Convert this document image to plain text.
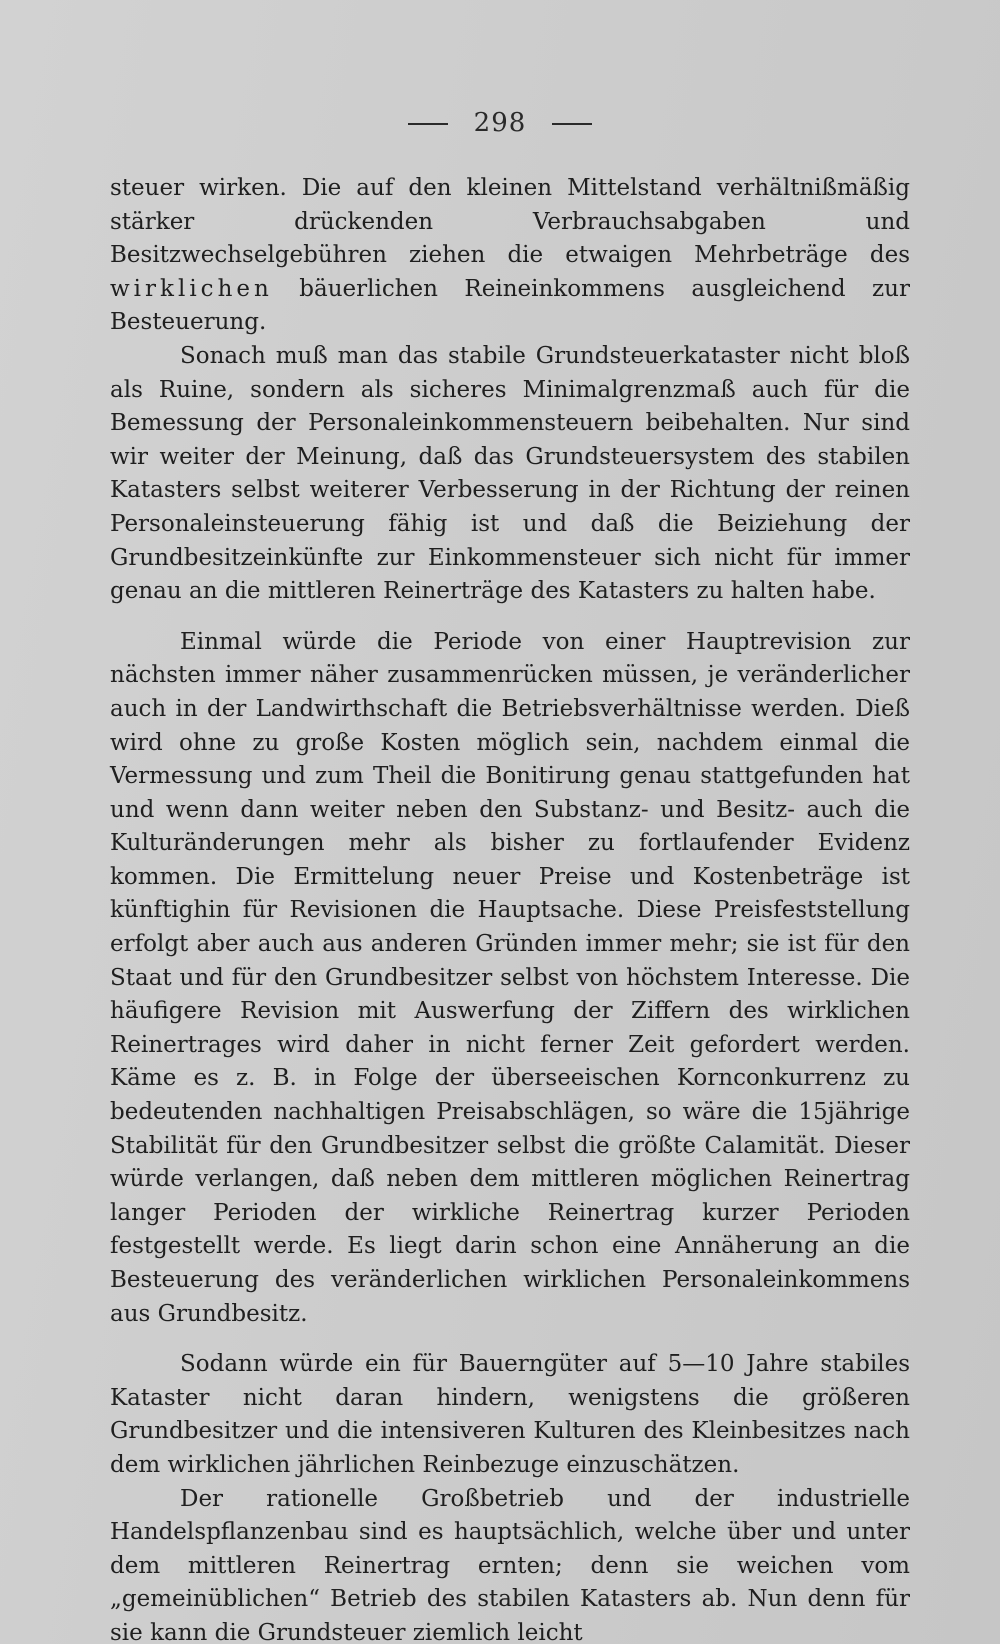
298

steuer wirken. Die auf den kleinen Mittelstand verhältnißmäßig stärker drückenden Verbrauchsabgaben und Besitzwechselgebühren ziehen die etwaigen Mehrbeträge des wirklichen bäuerlichen Reineinkommens ausgleichend zur Besteuerung.

Sonach muß man das stabile Grundsteuerkataster nicht bloß als Ruine, sondern als sicheres Minimalgrenzmaß auch für die Bemessung der Personaleinkommensteuern beibehalten. Nur sind wir weiter der Meinung, daß das Grundsteuersystem des stabilen Katasters selbst weiterer Verbesserung in der Richtung der reinen Personaleinsteuerung fähig ist und daß die Beiziehung der Grundbesitzeinkünfte zur Einkommensteuer sich nicht für immer genau an die mittleren Reinerträge des Katasters zu halten habe.

Einmal würde die Periode von einer Hauptrevision zur nächsten immer näher zusammenrücken müssen, je veränderlicher auch in der Landwirthschaft die Betriebsverhältnisse werden. Dieß wird ohne zu große Kosten möglich sein, nachdem einmal die Vermessung und zum Theil die Bonitirung genau stattgefunden hat und wenn dann weiter neben den Substanz- und Besitz- auch die Kulturänderungen mehr als bisher zu fortlaufender Evidenz kommen. Die Ermittelung neuer Preise und Kostenbeträge ist künftighin für Revisionen die Hauptsache. Diese Preisfeststellung erfolgt aber auch aus anderen Gründen immer mehr; sie ist für den Staat und für den Grundbesitzer selbst von höchstem Interesse. Die häufigere Revision mit Auswerfung der Ziffern des wirklichen Reinertrages wird daher in nicht ferner Zeit gefordert werden. Käme es z. B. in Folge der überseeischen Kornconkurrenz zu bedeutenden nachhaltigen Preisabschlägen, so wäre die 15jährige Stabilität für den Grundbesitzer selbst die größte Calamität. Dieser würde verlangen, daß neben dem mittleren möglichen Reinertrag langer Perioden der wirkliche Reinertrag kurzer Perioden festgestellt werde. Es liegt darin schon eine Annäherung an die Besteuerung des veränderlichen wirklichen Personaleinkommens aus Grundbesitz.

Sodann würde ein für Bauerngüter auf 5—10 Jahre stabiles Kataster nicht daran hindern, wenigstens die größeren Grundbesitzer und die intensiveren Kulturen des Kleinbesitzes nach dem wirklichen jährlichen Reinbezuge einzuschätzen.

Der rationelle Großbetrieb und der industrielle Handelspflanzenbau sind es hauptsächlich, welche über und unter dem mittleren Reinertrag ernten; denn sie weichen vom „gemeinüblichen“ Betrieb des stabilen Katasters ab. Nun denn für sie kann die Grundsteuer ziemlich leicht
